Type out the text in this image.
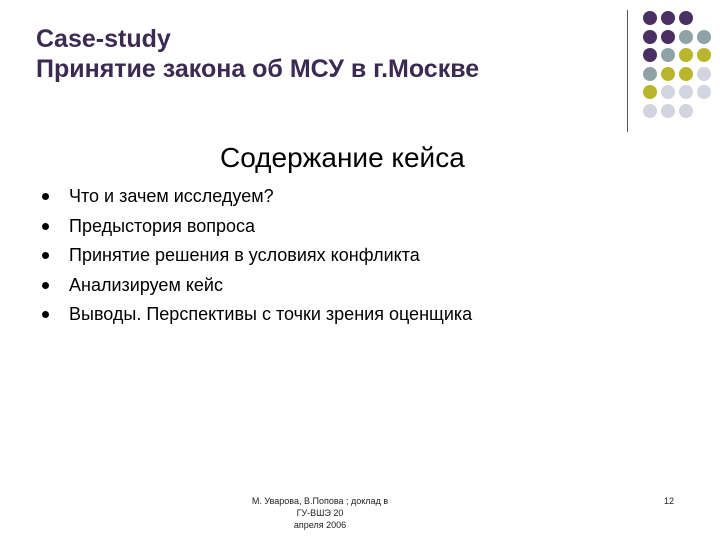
Case-study
Принятие закона об МСУ в г.Москве
Содержание кейса
Что и зачем исследуем?
Предыстория вопроса
Принятие решения в условиях конфликта
Анализируем кейс
Выводы. Перспективы с точки зрения оценщика
М. Уварова, В.Попова ; доклад в ГУ-ВШЭ 20
апреля 2006
12
